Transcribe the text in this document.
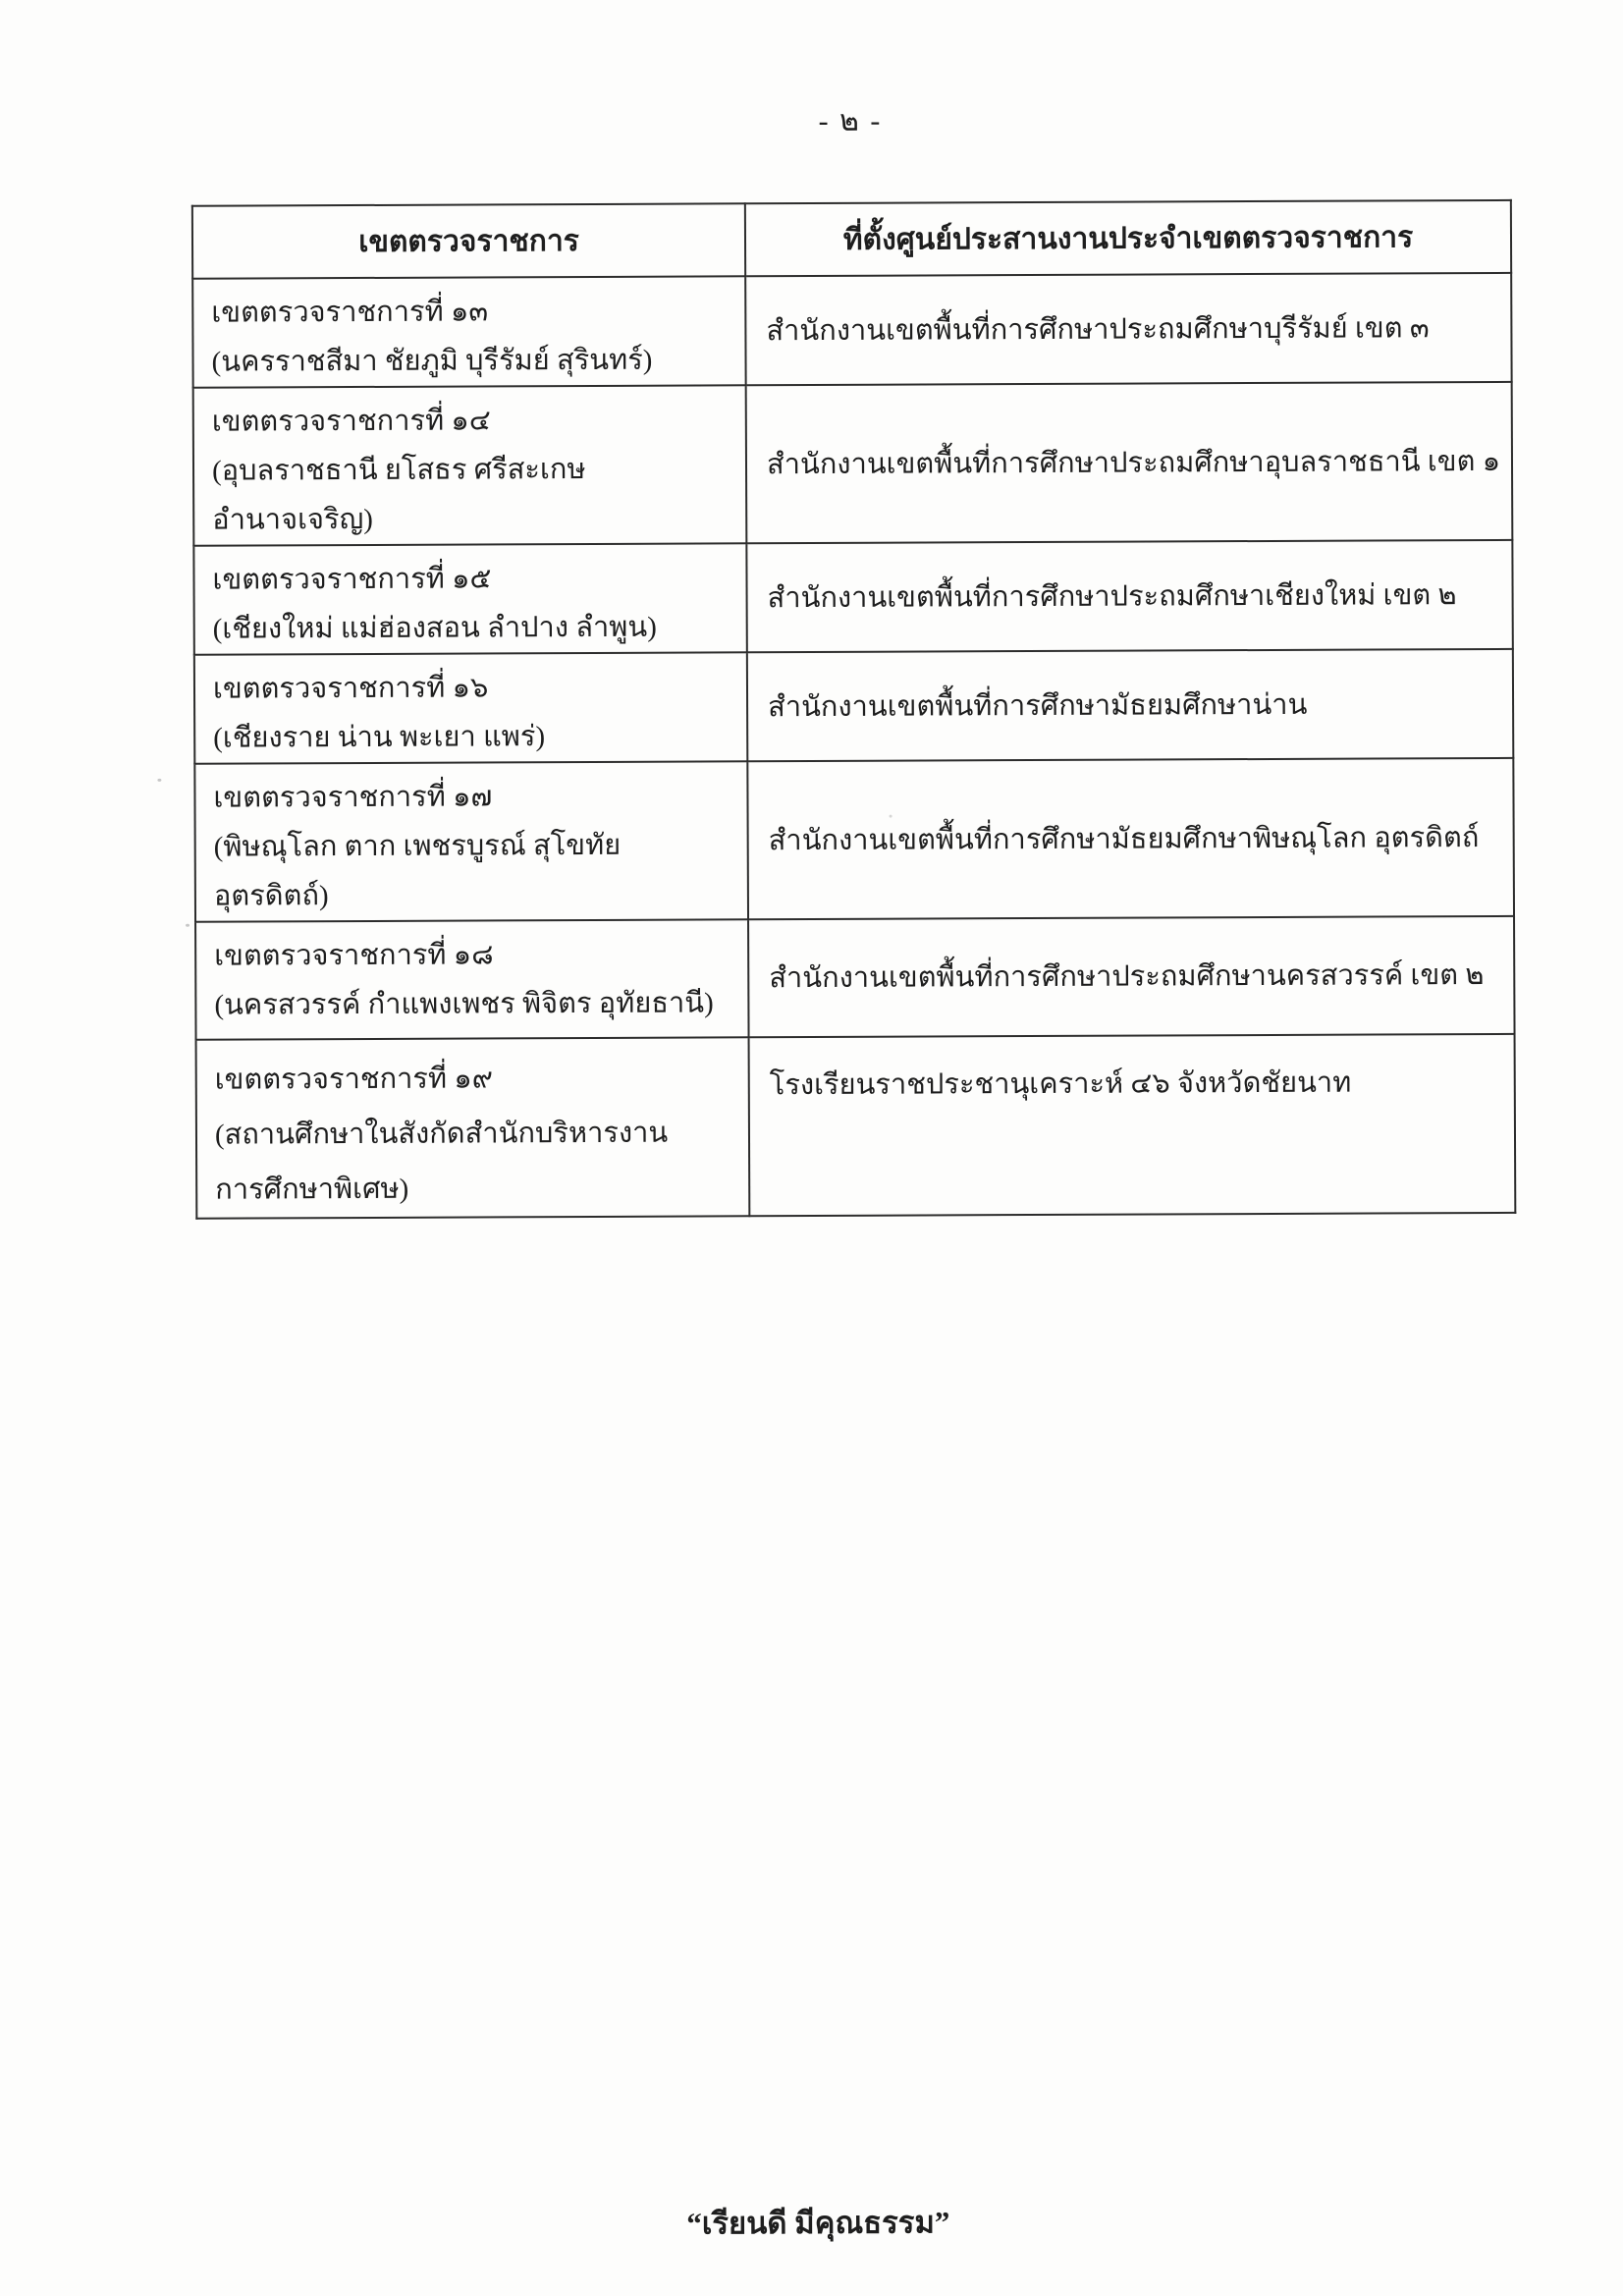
- ๒ -
เขตตรวจราชการ	ที่ตั้งศูนย์ประสานงานประจำเขตตรวจราชการ

เขตตรวจราชการที่ ๑๓
(นครราชสีมา ชัยภูมิ บุรีรัมย์ สุรินทร์)	สำนักงานเขตพื้นที่การศึกษาประถมศึกษาบุรีรัมย์ เขต ๓

เขตตรวจราชการที่ ๑๔
(อุบลราชธานี ยโสธร ศรีสะเกษ อำนาจเจริญ)	สำนักงานเขตพื้นที่การศึกษาประถมศึกษาอุบลราชธานี เขต ๑

เขตตรวจราชการที่ ๑๕
(เชียงใหม่ แม่ฮ่องสอน ลำปาง ลำพูน)	สำนักงานเขตพื้นที่การศึกษาประถมศึกษาเชียงใหม่ เขต ๒

เขตตรวจราชการที่ ๑๖
(เชียงราย น่าน พะเยา แพร่)	สำนักงานเขตพื้นที่การศึกษามัธยมศึกษาน่าน

เขตตรวจราชการที่ ๑๗
(พิษณุโลก ตาก เพชรบูรณ์ สุโขทัย อุตรดิตถ์)	สำนักงานเขตพื้นที่การศึกษามัธยมศึกษาพิษณุโลก อุตรดิตถ์

เขตตรวจราชการที่ ๑๘
(นครสวรรค์ กำแพงเพชร พิจิตร อุทัยธานี)	สำนักงานเขตพื้นที่การศึกษาประถมศึกษานครสวรรค์ เขต ๒

เขตตรวจราชการที่ ๑๙
(สถานศึกษาในสังกัดสำนักบริหารงาน
การศึกษาพิเศษ)	โรงเรียนราชประชานุเคราะห์ ๔๖ จังหวัดชัยนาท
“เรียนดี มีคุณธรรม”
